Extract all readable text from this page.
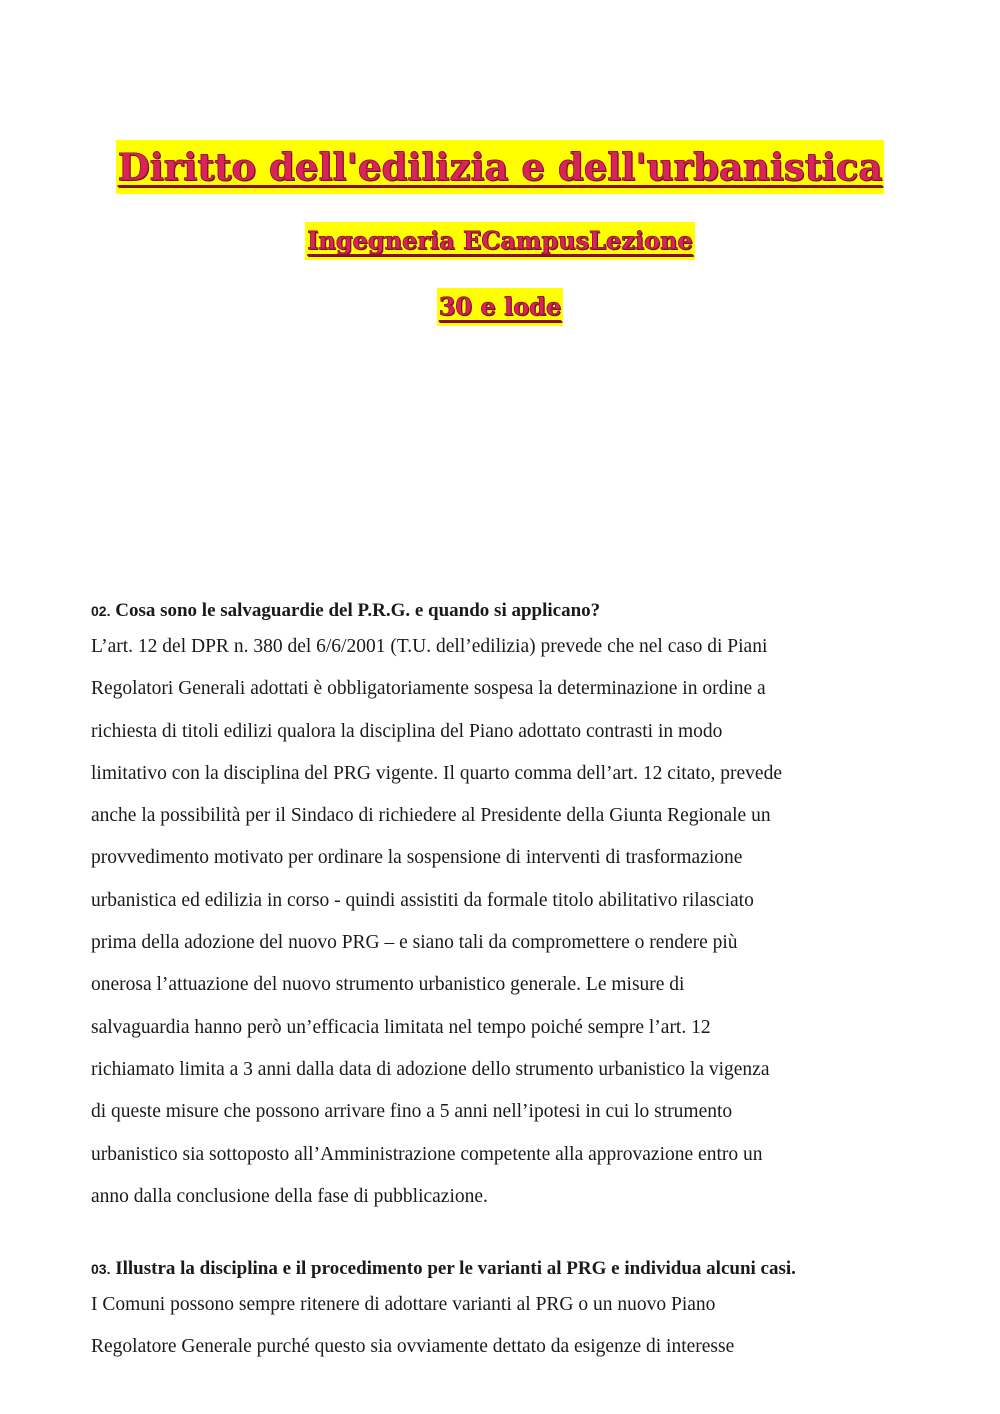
Diritto dell'edilizia e dell'urbanistica
Ingegneria ECampusLezione
30 e lode
02. Cosa sono le salvaguardie del P.R.G. e quando si applicano?
L’art. 12 del DPR n. 380 del 6/6/2001 (T.U. dell’edilizia) prevede che nel caso di Piani
Regolatori Generali adottati è obbligatoriamente sospesa la determinazione in ordine a
richiesta di titoli edilizi qualora la disciplina del Piano adottato contrasti in modo
limitativo con la disciplina del PRG vigente. Il quarto comma dell’art. 12 citato, prevede
anche la possibilità per il Sindaco di richiedere al Presidente della Giunta Regionale un
provvedimento motivato per ordinare la sospensione di interventi di trasformazione
urbanistica ed edilizia in corso - quindi assistiti da formale titolo abilitativo rilasciato
prima della adozione del nuovo PRG – e siano tali da compromettere o rendere più
onerosa l’attuazione del nuovo strumento urbanistico generale. Le misure di
salvaguardia hanno però un’efficacia limitata nel tempo poiché sempre l’art. 12
richiamato limita a 3 anni dalla data di adozione dello strumento urbanistico la vigenza
di queste misure che possono arrivare fino a 5 anni nell’ipotesi in cui lo strumento
urbanistico sia sottoposto all’Amministrazione competente alla approvazione entro un
anno dalla conclusione della fase di pubblicazione.
03. Illustra la disciplina e il procedimento per le varianti al PRG e individua alcuni casi.
I Comuni possono sempre ritenere di adottare varianti al PRG o un nuovo Piano
Regolatore Generale purché questo sia ovviamente dettato da esigenze di interesse
